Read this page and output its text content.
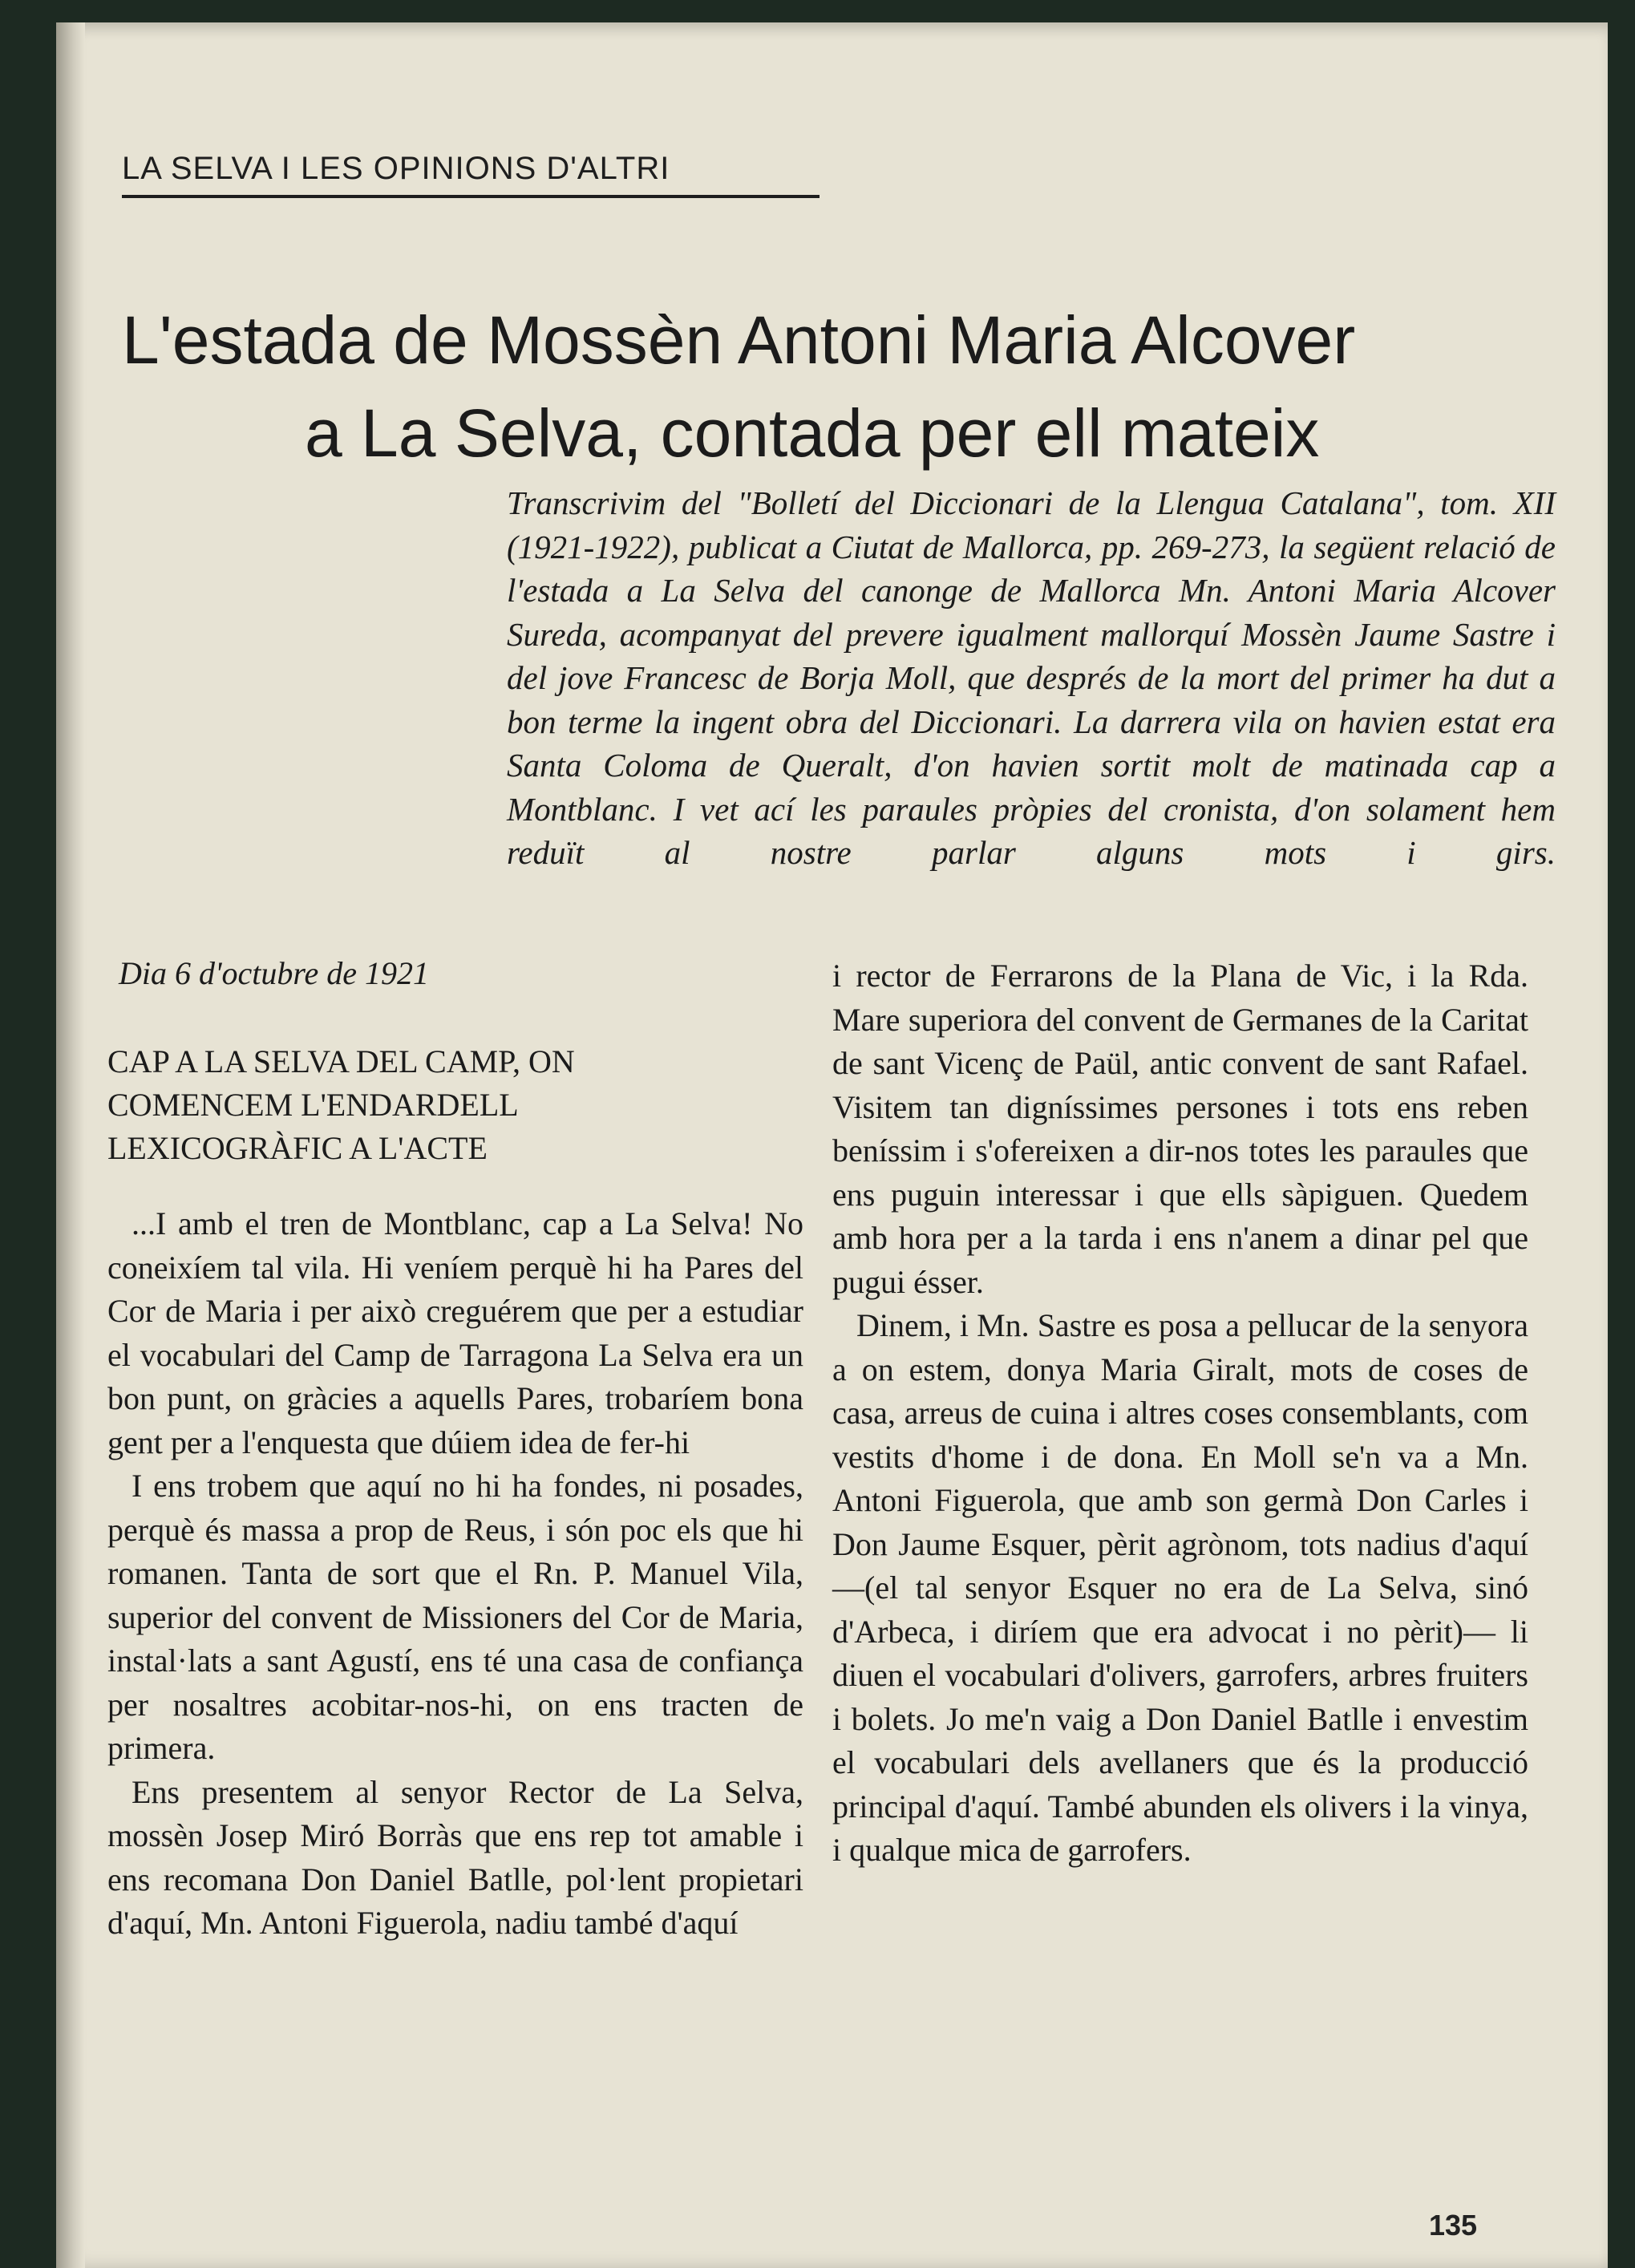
LA SELVA I LES OPINIONS D'ALTRI
L'estada de Mossèn Antoni Maria Alcover
a La Selva, contada per ell mateix

Transcrivim del "Bolletí del Diccionari de la Llengua Catalana", tom. XII (1921-1922), publicat a Ciutat de Mallorca, pp. 269-273, la següent relació de l'estada a La Selva del canonge de Mallorca Mn. Antoni Maria Alcover Sureda, acompanyat del prevere igualment mallorquí Mossèn Jaume Sastre i del jove Francesc de Borja Moll, que després de la mort del primer ha dut a bon terme la ingent obra del Diccionari. La darrera vila on havien estat era Santa Coloma de Queralt, d'on havien sortit molt de matinada cap a Montblanc. I vet ací les paraules pròpies del cronista, d'on solament hem reduït al nostre parlar alguns mots i girs.

Dia 6 d'octubre de 1921

CAP A LA SELVA DEL CAMP, ON COMENCEM L'ENDARDELL LEXICOGRÀFIC A L'ACTE

...I amb el tren de Montblanc, cap a La Selva! No coneixíem tal vila. Hi veníem perquè hi ha Pares del Cor de Maria i per això creguérem que per a estudiar el vocabulari del Camp de Tarragona La Selva era un bon punt, on gràcies a aquells Pares, trobaríem bona gent per a l'enquesta que dúiem idea de fer-hi

I ens trobem que aquí no hi ha fondes, ni posades, perquè és massa a prop de Reus, i són poc els que hi romanen. Tanta de sort que el Rn. P. Manuel Vila, superior del convent de Missioners del Cor de Maria, instal·lats a sant Agustí, ens té una casa de confiança per nosaltres acobitar-nos-hi, on ens tracten de primera.

Ens presentem al senyor Rector de La Selva, mossèn Josep Miró Borràs que ens rep tot amable i ens recomana Don Daniel Batlle, pol·lent propietari d'aquí, Mn. Antoni Figuerola, nadiu també d'aquí

i rector de Ferrarons de la Plana de Vic, i la Rda. Mare superiora del convent de Germanes de la Caritat de sant Vicenç de Paül, antic convent de sant Rafael. Visitem tan digníssimes persones i tots ens reben beníssim i s'ofereixen a dir-nos totes les paraules que ens puguin interessar i que ells sàpiguen. Quedem amb hora per a la tarda i ens n'anem a dinar pel que pugui ésser.

Dinem, i Mn. Sastre es posa a pellucar de la senyora a on estem, donya Maria Giralt, mots de coses de casa, arreus de cuina i altres coses consemblants, com vestits d'home i de dona. En Moll se'n va a Mn. Antoni Figuerola, que amb son germà Don Carles i Don Jaume Esquer, pèrit agrònom, tots nadius d'aquí —(el tal senyor Esquer no era de La Selva, sinó d'Arbeca, i diríem que era advocat i no pèrit)— li diuen el vocabulari d'olivers, garrofers, arbres fruiters i bolets. Jo me'n vaig a Don Daniel Batlle i envestim el vocabulari dels avellaners que és la producció principal d'aquí. També abunden els olivers i la vinya, i qualque mica de garrofers.

135
